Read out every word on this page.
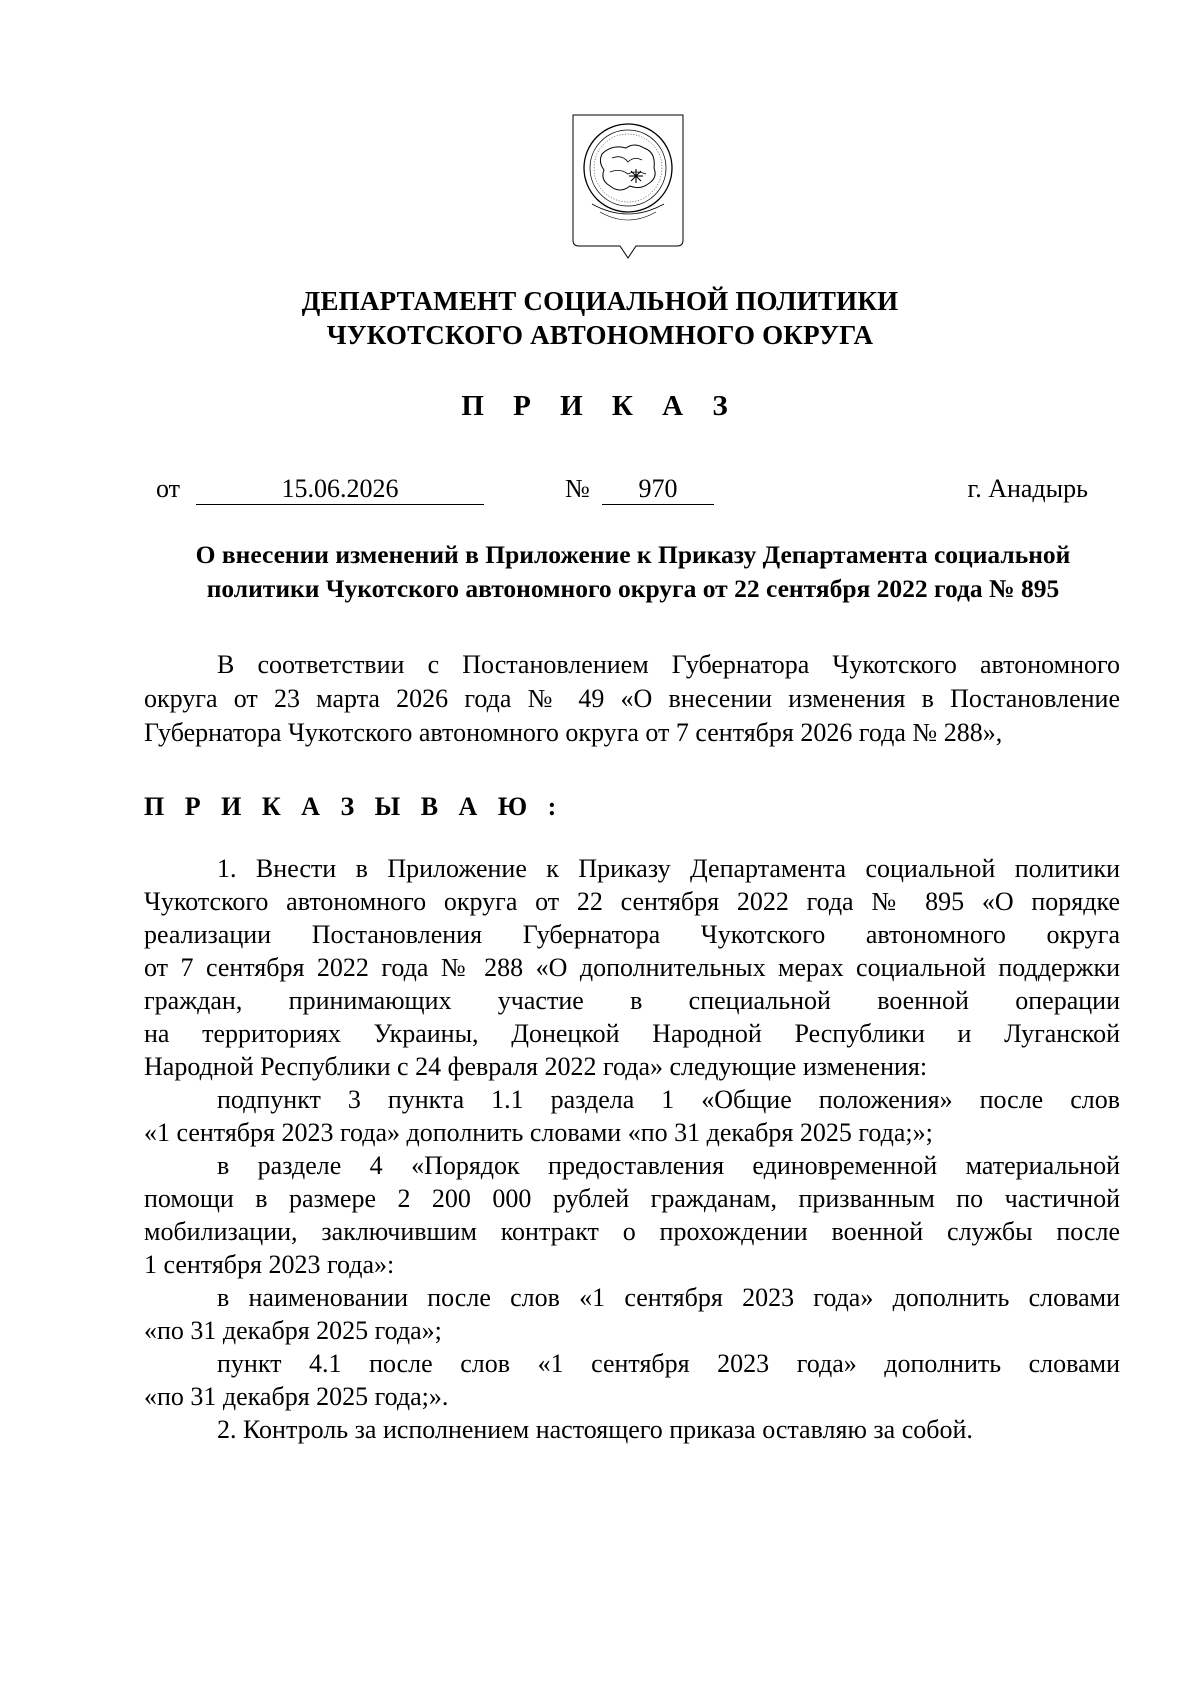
ДЕПАРТАМЕНТ СОЦИАЛЬНОЙ ПОЛИТИКИ
ЧУКОТСКОГО АВТОНОМНОГО ОКРУГА
П Р И К А З
от	15.06.2026	№	970	г. Анадырь
О внесении изменений в Приложение к Приказу Департамента социальной
политики Чукотского автономного округа от 22 сентября 2022 года № 895
В соответствии с Постановлением Губернатора Чукотского автономного
округа от 23 марта 2026 года № 49 «О внесении изменения в Постановление
Губернатора Чукотского автономного округа от 7 сентября 2026 года № 288»,
П Р И К А З Ы В А Ю :
1. Внести в Приложение к Приказу Департамента социальной политики
Чукотского автономного округа от 22 сентября 2022 года № 895 «О порядке
реализации Постановления Губернатора Чукотского автономного округа
от 7 сентября 2022 года № 288 «О дополнительных мерах социальной поддержки
граждан, принимающих участие в специальной военной операции
на территориях Украины, Донецкой Народной Республики и Луганской
Народной Республики с 24 февраля 2022 года» следующие изменения:
подпункт 3 пункта 1.1 раздела 1 «Общие положения» после слов
«1 сентября 2023 года» дополнить словами «по 31 декабря 2025 года;»;
в разделе 4 «Порядок предоставления единовременной материальной
помощи в размере 2 200 000 рублей гражданам, призванным по частичной
мобилизации, заключившим контракт о прохождении военной службы после
1 сентября 2023 года»:
в наименовании после слов «1 сентября 2023 года» дополнить словами
«по 31 декабря 2025 года»;
пункт 4.1 после слов «1 сентября 2023 года» дополнить словами
«по 31 декабря 2025 года;».
2. Контроль за исполнением настоящего приказа оставляю за собой.
